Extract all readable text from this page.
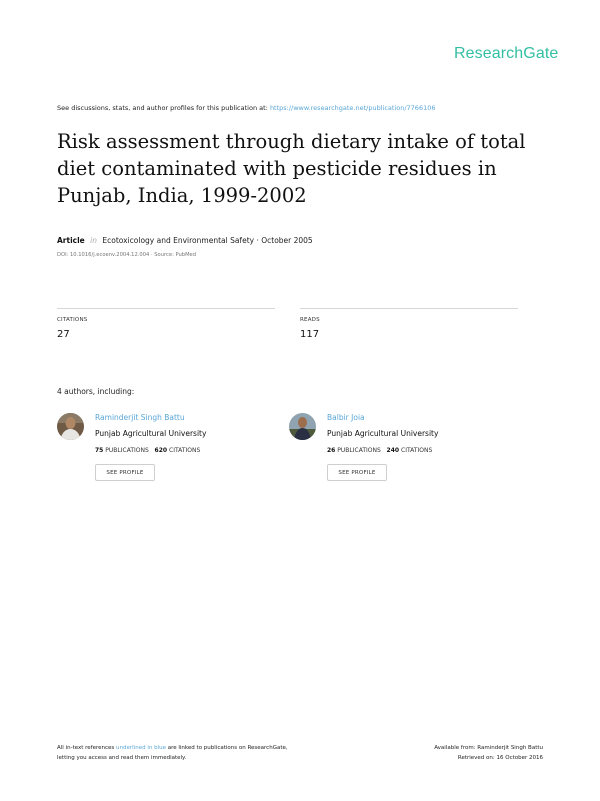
ResearchGate
See discussions, stats, and author profiles for this publication at: https://www.researchgate.net/publication/7766106
Risk assessment through dietary intake of total diet contaminated with pesticide residues in Punjab, India, 1999-2002
Article in Ecotoxicology and Environmental Safety · October 2005
DOI: 10.1016/j.ecoenv.2004.12.004 · Source: PubMed
CITATIONS
27
READS
117
4 authors, including:
Raminderjit Singh Battu
Punjab Agricultural University
75 PUBLICATIONS 620 CITATIONS
SEE PROFILE
Balbir Joia
Punjab Agricultural University
26 PUBLICATIONS 240 CITATIONS
SEE PROFILE
All in-text references underlined in blue are linked to publications on ResearchGate,
letting you access and read them immediately.
Available from: Raminderjit Singh Battu
Retrieved on: 16 October 2016
